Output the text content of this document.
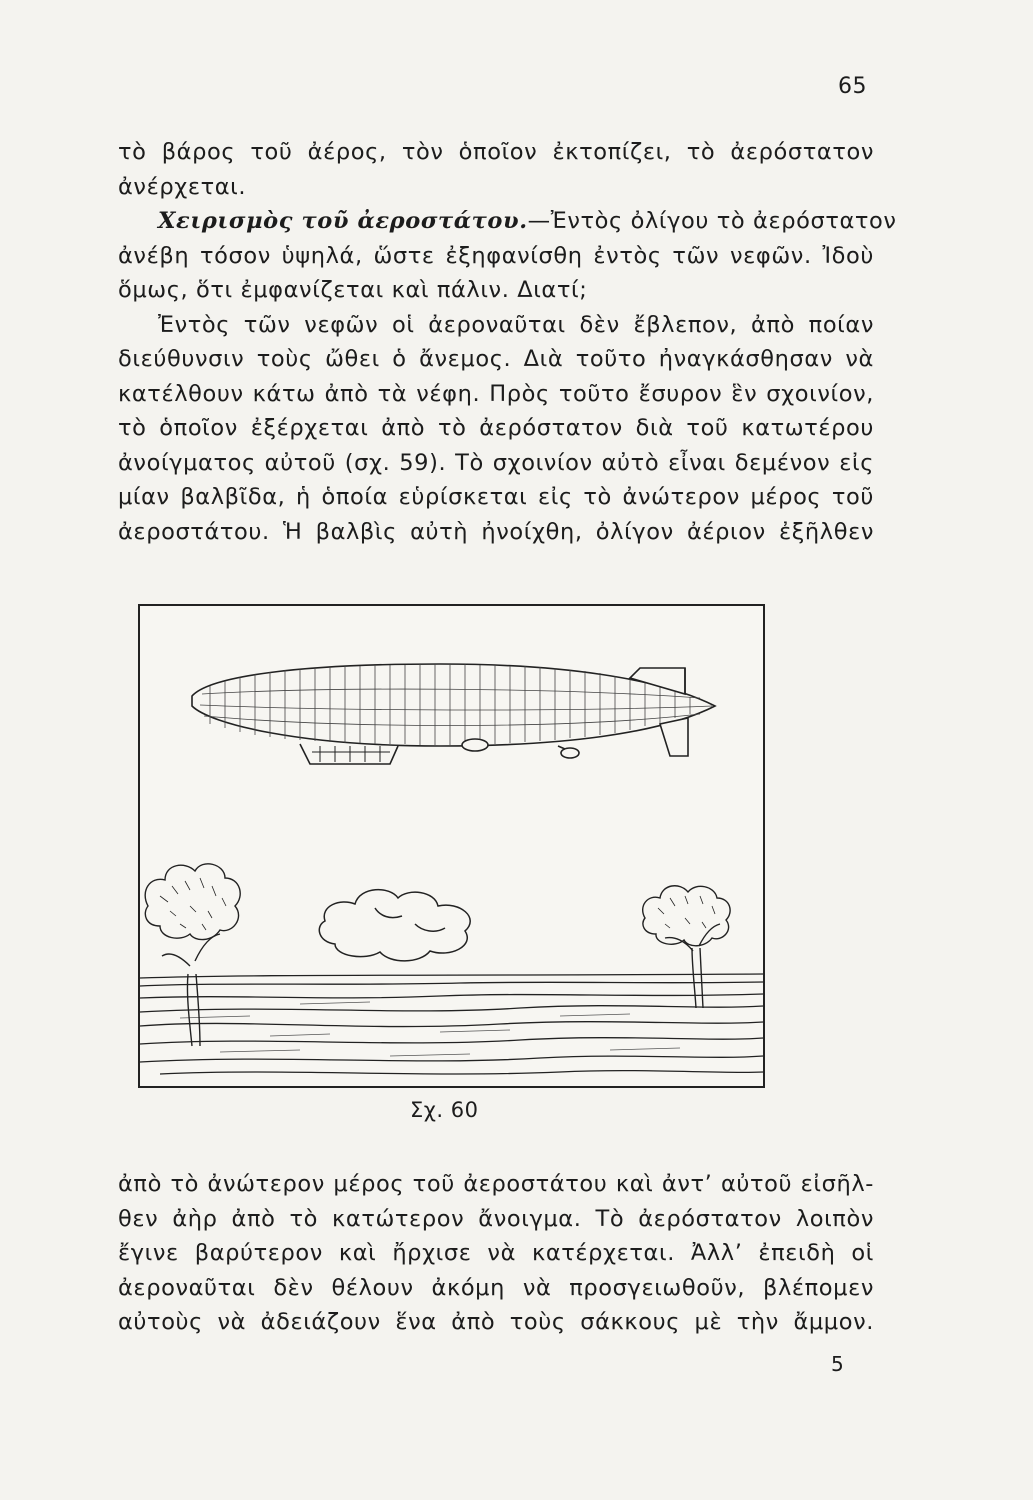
65
τὸ βάρος τοῦ ἀέρος, τὸν ὁποῖον ἐκτοπίζει, τὸ ἀερόστατον
ἀνέρχεται.
Χειρισμὸς τοῦ ἀεροστάτου.—Ἐντὸς ὀλίγου τὸ ἀερόστατον
ἀνέβη τόσον ὑψηλά, ὥστε ἐξηφανίσθη ἐντὸς τῶν νεφῶν. Ἰδοὺ
ὅμως, ὅτι ἐμφανίζεται καὶ πάλιν. Διατί;
Ἐντὸς τῶν νεφῶν οἱ ἀεροναῦται δὲν ἔβλεπον, ἀπὸ ποίαν
διεύθυνσιν τοὺς ὤθει ὁ ἄνεμος. Διὰ τοῦτο ἠναγκάσθησαν νὰ
κατέλθουν κάτω ἀπὸ τὰ νέφη. Πρὸς τοῦτο ἔσυρον ἓν σχοινίον,
τὸ ὁποῖον ἐξέρχεται ἀπὸ τὸ ἀερόστατον διὰ τοῦ κατωτέρου
ἀνοίγματος αὐτοῦ (σχ. 59). Τὸ σχοινίον αὐτὸ εἶναι δεμένον εἰς
μίαν βαλβῖδα, ἡ ὁποία εὑρίσκεται εἰς τὸ ἀνώτερον μέρος τοῦ
ἀεροστάτου. Ἡ βαλβὶς αὐτὴ ἠνοίχθη, ὀλίγον ἀέριον ἐξῆλθεν
Σχ. 60
ἀπὸ τὸ ἀνώτερον μέρος τοῦ ἀεροστάτου καὶ ἀντ’ αὐτοῦ εἰσῆλ-
θεν ἀὴρ ἀπὸ τὸ κατώτερον ἄνοιγμα. Τὸ ἀερόστατον λοιπὸν
ἔγινε βαρύτερον καὶ ἤρχισε νὰ κατέρχεται. Ἀλλ’ ἐπειδὴ οἱ
ἀεροναῦται δὲν θέλουν ἀκόμη νὰ προσγειωθοῦν, βλέπομεν
αὐτοὺς νὰ ἀδειάζουν ἕνα ἀπὸ τοὺς σάκκους μὲ τὴν ἄμμον.
5
